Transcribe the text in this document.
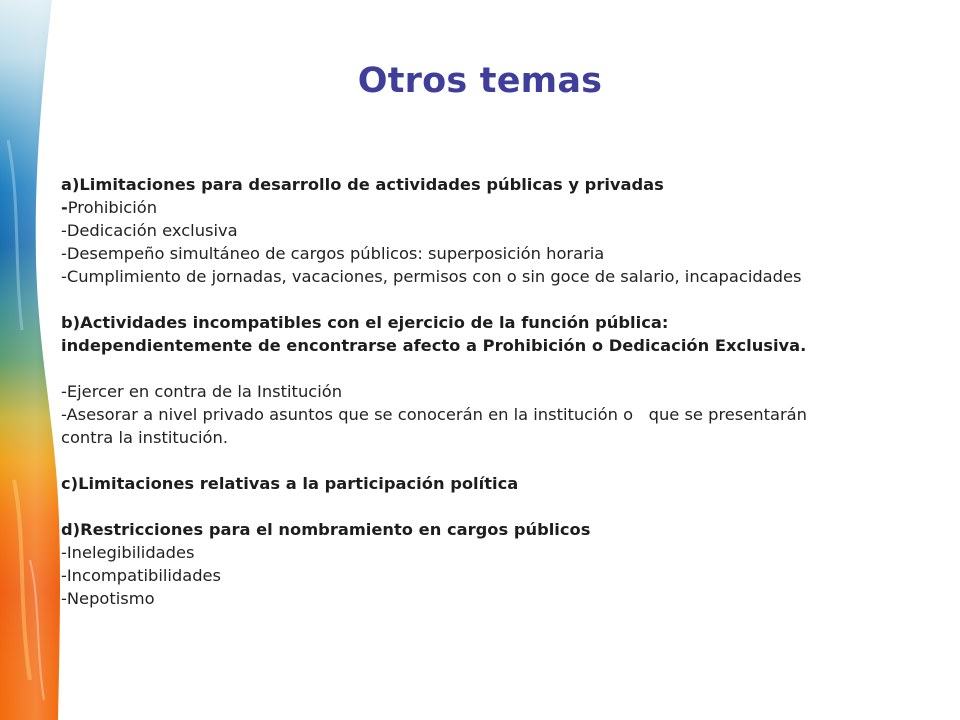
Otros temas
a)Limitaciones para desarrollo de actividades públicas y privadas
-Prohibición
-Dedicación exclusiva
-Desempeño simultáneo de cargos públicos: superposición horaria
-Cumplimiento de jornadas, vacaciones, permisos con o sin goce de salario, incapacidades
b)Actividades incompatibles con el ejercicio de la función pública:
independientemente de encontrarse afecto a Prohibición o Dedicación Exclusiva.
-Ejercer en contra de la Institución
-Asesorar a nivel privado asuntos que se conocerán en la institución o   que se presentarán
contra la institución.
c)Limitaciones relativas a la participación política
d)Restricciones para el nombramiento en cargos públicos
-Inelegibilidades
-Incompatibilidades
-Nepotismo
